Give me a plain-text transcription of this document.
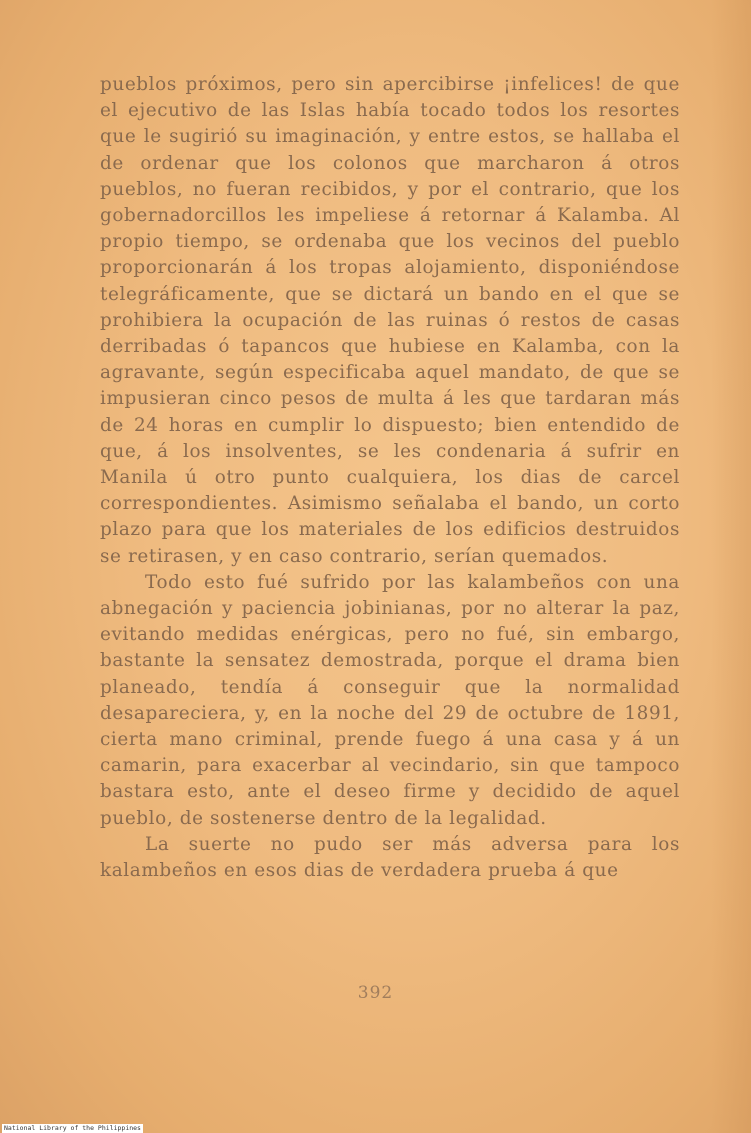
pueblos próximos, pero sin apercibirse ¡infelices! de que el ejecutivo de las Islas había tocado todos los resortes que le sugirió su imaginación, y entre estos, se hallaba el de ordenar que los colonos que marcharon á otros pueblos, no fueran recibidos, y por el contrario, que los gobernadorcillos les impeliese á retornar á Kalamba. Al propio tiempo, se ordenaba que los vecinos del pueblo proporcionarán á los tropas alojamiento, disponiéndose telegráficamente, que se dictará un bando en el que se prohibiera la ocupación de las ruinas ó restos de casas derribadas ó tapancos que hubiese en Kalamba, con la agravante, según especificaba aquel mandato, de que se impusieran cinco pesos de multa á les que tardaran más de 24 horas en cumplir lo dispuesto; bien entendido de que, á los insolventes, se les condenaria á sufrir en Manila ú otro punto cualquiera, los dias de carcel correspondientes. Asimismo señalaba el bando, un corto plazo para que los materiales de los edificios destruidos se retirasen, y en caso contrario, serían quemados.

Todo esto fué sufrido por las kalambeños con una abnegación y paciencia jobinianas, por no alterar la paz, evitando medidas enérgicas, pero no fué, sin embargo, bastante la sensatez demostrada, porque el drama bien planeado, tendía á conseguir que la normalidad desapareciera, y, en la noche del 29 de octubre de 1891, cierta mano criminal, prende fuego á una casa y á un camarin, para exacerbar al vecindario, sin que tampoco bastara esto, ante el deseo firme y decidido de aquel pueblo, de sostenerse dentro de la legalidad.

La suerte no pudo ser más adversa para los kalambeños en esos dias de verdadera prueba á que

392
National Library of the Philippines
